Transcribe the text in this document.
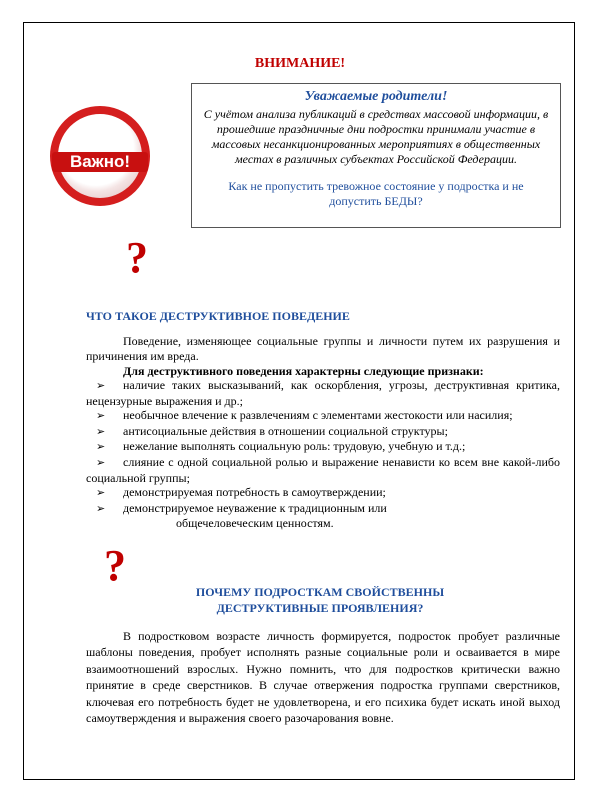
ВНИМАНИЕ!
Важно!
Уважаемые родители!
С учётом анализа публикаций в средствах массовой информации, в прошедшие праздничные дни подростки принимали участие в массовых несанкционированных мероприятиях в общественных местах в различных субъектах Российской Федерации.
Как не пропустить тревожное состояние у подростка и не допустить БЕДЫ?
?
ЧТО ТАКОЕ ДЕСТРУКТИВНОЕ ПОВЕДЕНИЕ
Поведение, изменяющее социальные группы и личности путем их разрушения и причинения им вреда.
Для деструктивного поведения характерны следующие признаки:
➢ наличие таких высказываний, как оскорбления, угрозы, деструктивная критика, нецензурные выражения и др.;
➢ необычное влечение к развлечениям с элементами жестокости или насилия;
➢ антисоциальные действия в отношении социальной структуры;
➢ нежелание выполнять социальную роль: трудовую, учебную и т.д.;
➢ слияние с одной социальной ролью и выражение ненависти ко всем вне какой-либо социальной группы;
➢ демонстрируемая потребность в самоутверждении;
➢ демонстрируемое неуважение к традиционным или
общечеловеческим ценностям.
?
ПОЧЕМУ ПОДРОСТКАМ СВОЙСТВЕННЫ
ДЕСТРУКТИВНЫЕ ПРОЯВЛЕНИЯ?
В подростковом возрасте личность формируется, подросток пробует различные шаблоны поведения, пробует исполнять разные социальные роли и осваивается в мире взаимоотношений взрослых. Нужно помнить, что для подростков критически важно принятие в среде сверстников. В случае отвержения подростка группами сверстников, ключевая его потребность будет не удовлетворена, и его психика будет искать иной выход самоутверждения и выражения своего разочарования вовне.
